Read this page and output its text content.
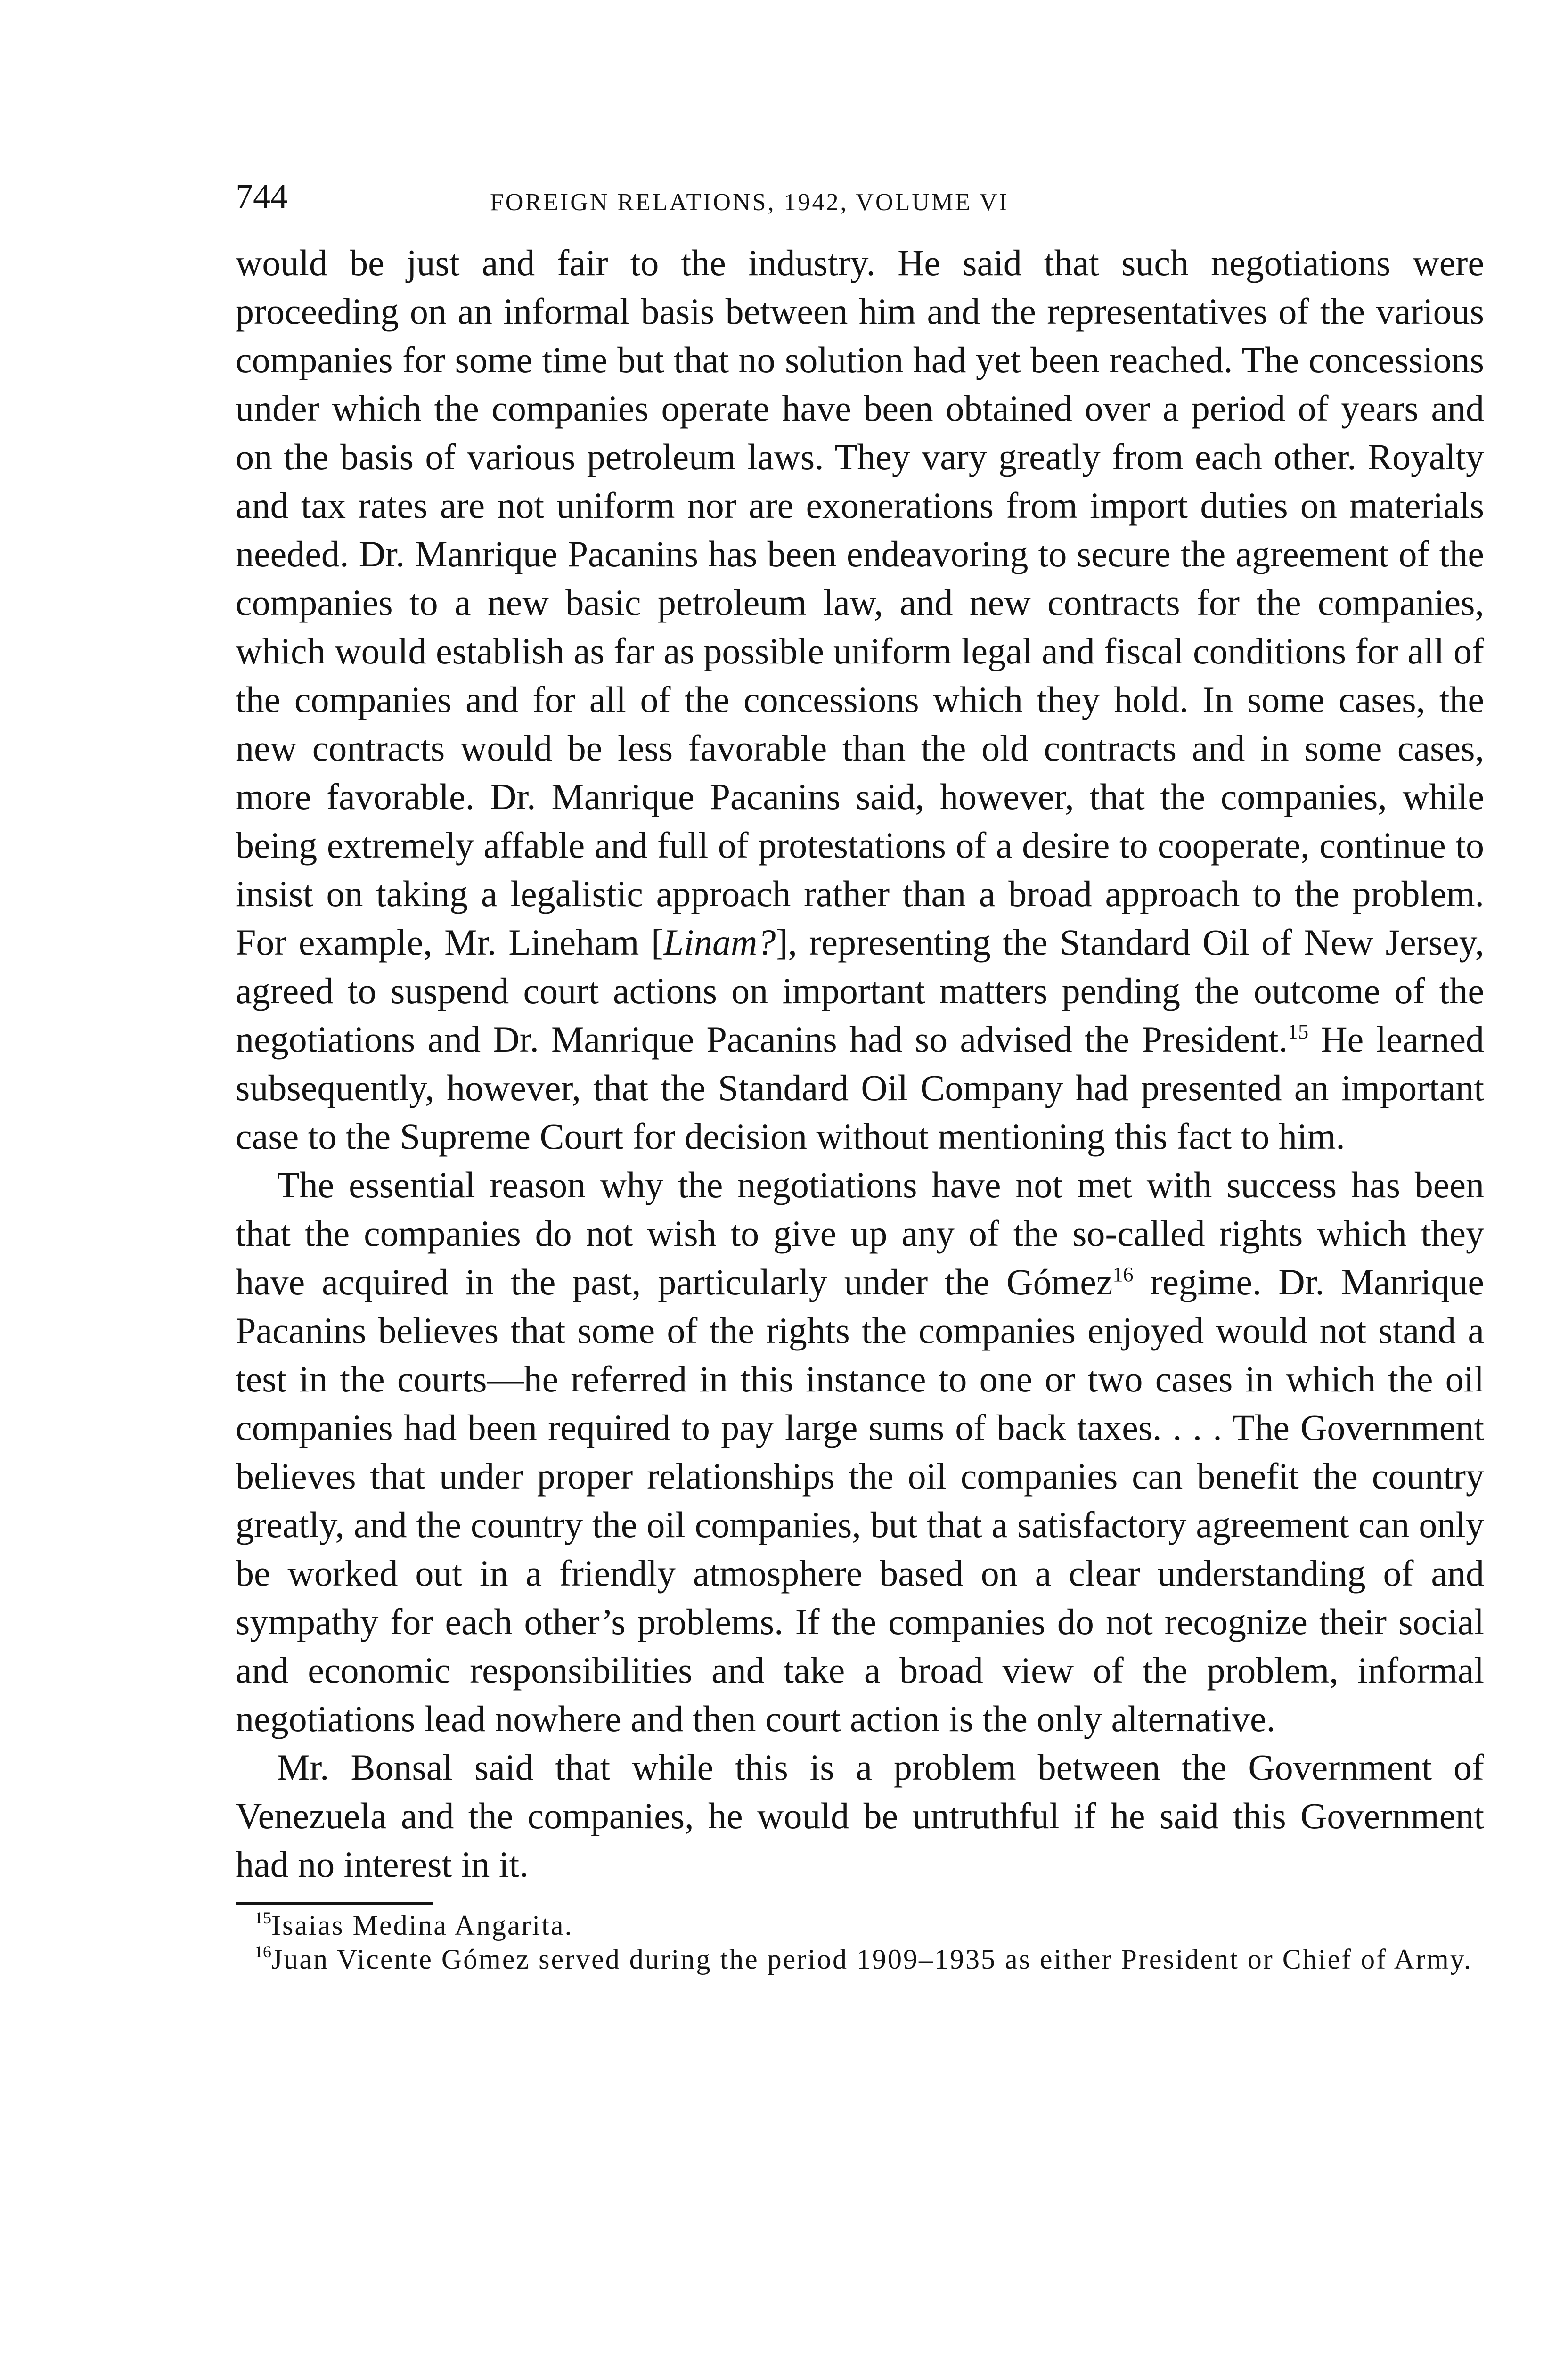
744	FOREIGN RELATIONS, 1942, VOLUME VI

would be just and fair to the industry. He said that such negotiations were proceeding on an informal basis between him and the representatives of the various companies for some time but that no solution had yet been reached. The concessions under which the companies operate have been obtained over a period of years and on the basis of various petroleum laws. They vary greatly from each other. Royalty and tax rates are not uniform nor are exonerations from import duties on materials needed. Dr. Manrique Pacanins has been endeavoring to secure the agreement of the companies to a new basic petroleum law, and new contracts for the companies, which would establish as far as possible uniform legal and fiscal conditions for all of the companies and for all of the concessions which they hold. In some cases, the new contracts would be less favorable than the old contracts and in some cases, more favorable. Dr. Manrique Pacanins said, however, that the companies, while being extremely affable and full of protestations of a desire to cooperate, continue to insist on taking a legalistic approach rather than a broad approach to the problem. For example, Mr. Lineham [Linam?], representing the Standard Oil of New Jersey, agreed to suspend court actions on important matters pending the outcome of the negotiations and Dr. Manrique Pacanins had so advised the President.$^{15}$ He learned subsequently, however, that the Standard Oil Company had presented an important case to the Supreme Court for decision without mentioning this fact to him.

The essential reason why the negotiations have not met with success has been that the companies do not wish to give up any of the so-called rights which they have acquired in the past, particularly under the Gómez$^{16}$ regime. Dr. Manrique Pacanins believes that some of the rights the companies enjoyed would not stand a test in the courts—he referred in this instance to one or two cases in which the oil companies had been required to pay large sums of back taxes. . . . The Government believes that under proper relationships the oil companies can benefit the country greatly, and the country the oil companies, but that a satisfactory agreement can only be worked out in a friendly atmosphere based on a clear understanding of and sympathy for each other’s problems. If the companies do not recognize their social and economic responsibilities and take a broad view of the problem, informal negotiations lead nowhere and then court action is the only alternative.

Mr. Bonsal said that while this is a problem between the Government of Venezuela and the companies, he would be untruthful if he said this Government had no interest in it.

$^{15}$Isaias Medina Angarita.

$^{16}$Juan Vicente Gómez served during the period 1909–1935 as either President or Chief of Army.
